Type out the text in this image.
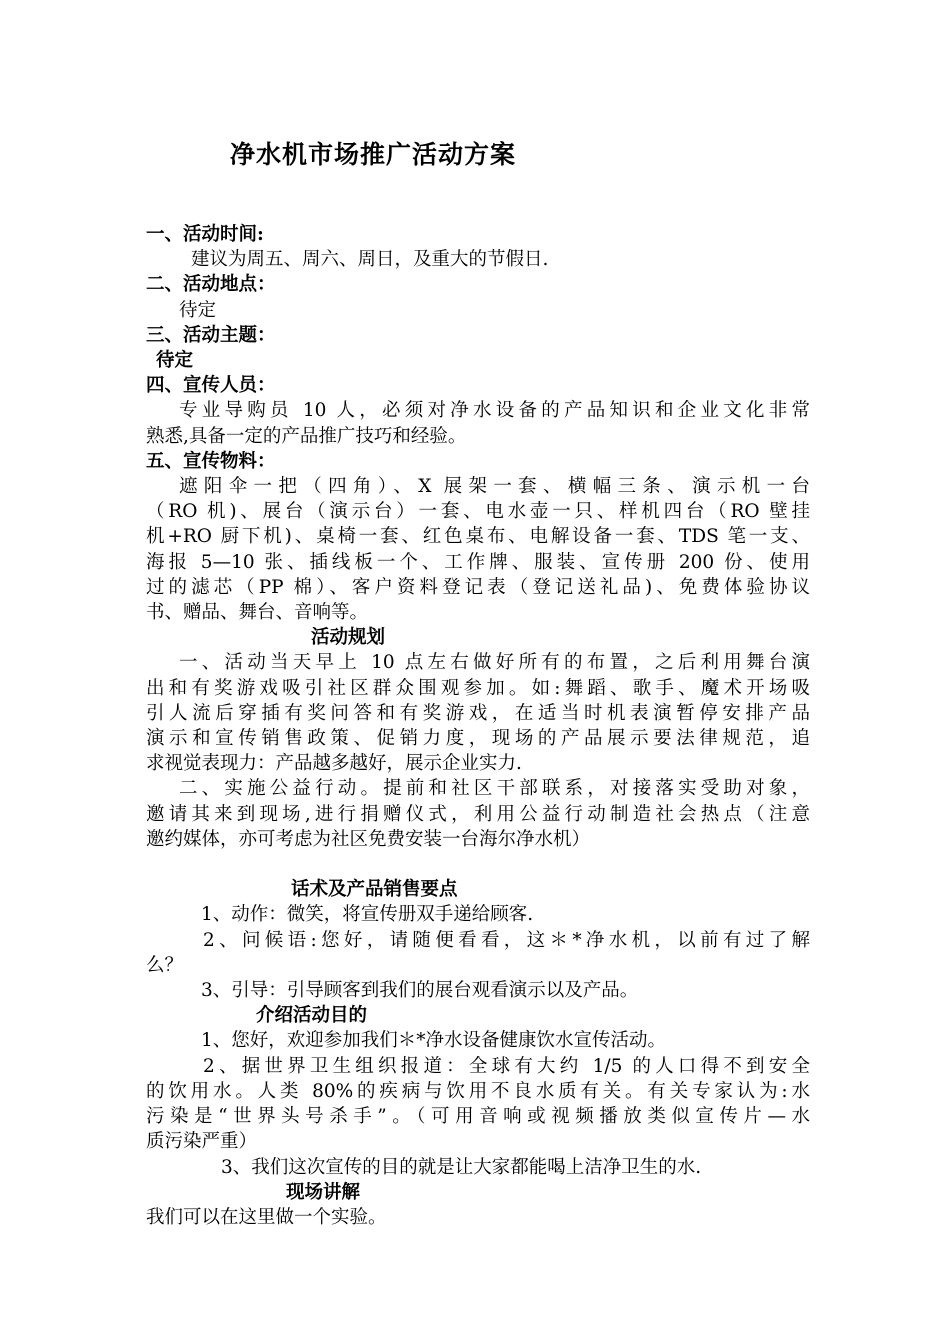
净水机市场推广活动方案
一、活动时间:
建议为周五、周六、周日，及重大的节假日.
二、活动地点：
待定
三、活动主题：
待定
四、宣传人员：
专业导购员 10 人，必须对净水设备的产品知识和企业文化非常
熟悉,具备一定的产品推广技巧和经验。
五、宣传物料：
遮阳伞一把（四角）、X 展架一套、横幅三条、演示机一台
（RO 机)、展台（演示台）一套、电水壶一只、样机四台（RO 壁挂
机+RO 厨下机)、桌椅一套、红色桌布、电解设备一套、TDS 笔一支、
海报 5—10 张、插线板一个、工作牌、服装、宣传册 200 份、使用
过的滤芯（PP 棉）、客户资料登记表（登记送礼品)、免费体验协议
书、赠品、舞台、音响等。
活动规划
一、活动当天早上 10 点左右做好所有的布置，之后利用舞台演
出和有奖游戏吸引社区群众围观参加。如:舞蹈、歌手、魔术开场吸
引人流后穿插有奖问答和有奖游戏，在适当时机表演暂停安排产品
演示和宣传销售政策、促销力度，现场的产品展示要法律规范，追
求视觉表现力：产品越多越好，展示企业实力.
二、实施公益行动。提前和社区干部联系，对接落实受助对象，
邀请其来到现场,进行捐赠仪式，利用公益行动制造社会热点（注意
邀约媒体，亦可考虑为社区免费安装一台海尔净水机）
话术及产品销售要点
1、动作：微笑，将宣传册双手递给顾客.
2、问候语:您好，请随便看看，这＊*净水机，以前有过了解
么？
3、引导：引导顾客到我们的展台观看演示以及产品。
介绍活动目的
1、您好，欢迎参加我们＊*净水设备健康饮水宣传活动。
2、据世界卫生组织报道：全球有大约 1/5 的人口得不到安全
的饮用水。人类 80%的疾病与饮用不良水质有关。有关专家认为:水
污染是“世界头号杀手”。（可用音响或视频播放类似宣传片—水
质污染严重）
3、我们这次宣传的目的就是让大家都能喝上洁净卫生的水.
现场讲解
我们可以在这里做一个实验。
